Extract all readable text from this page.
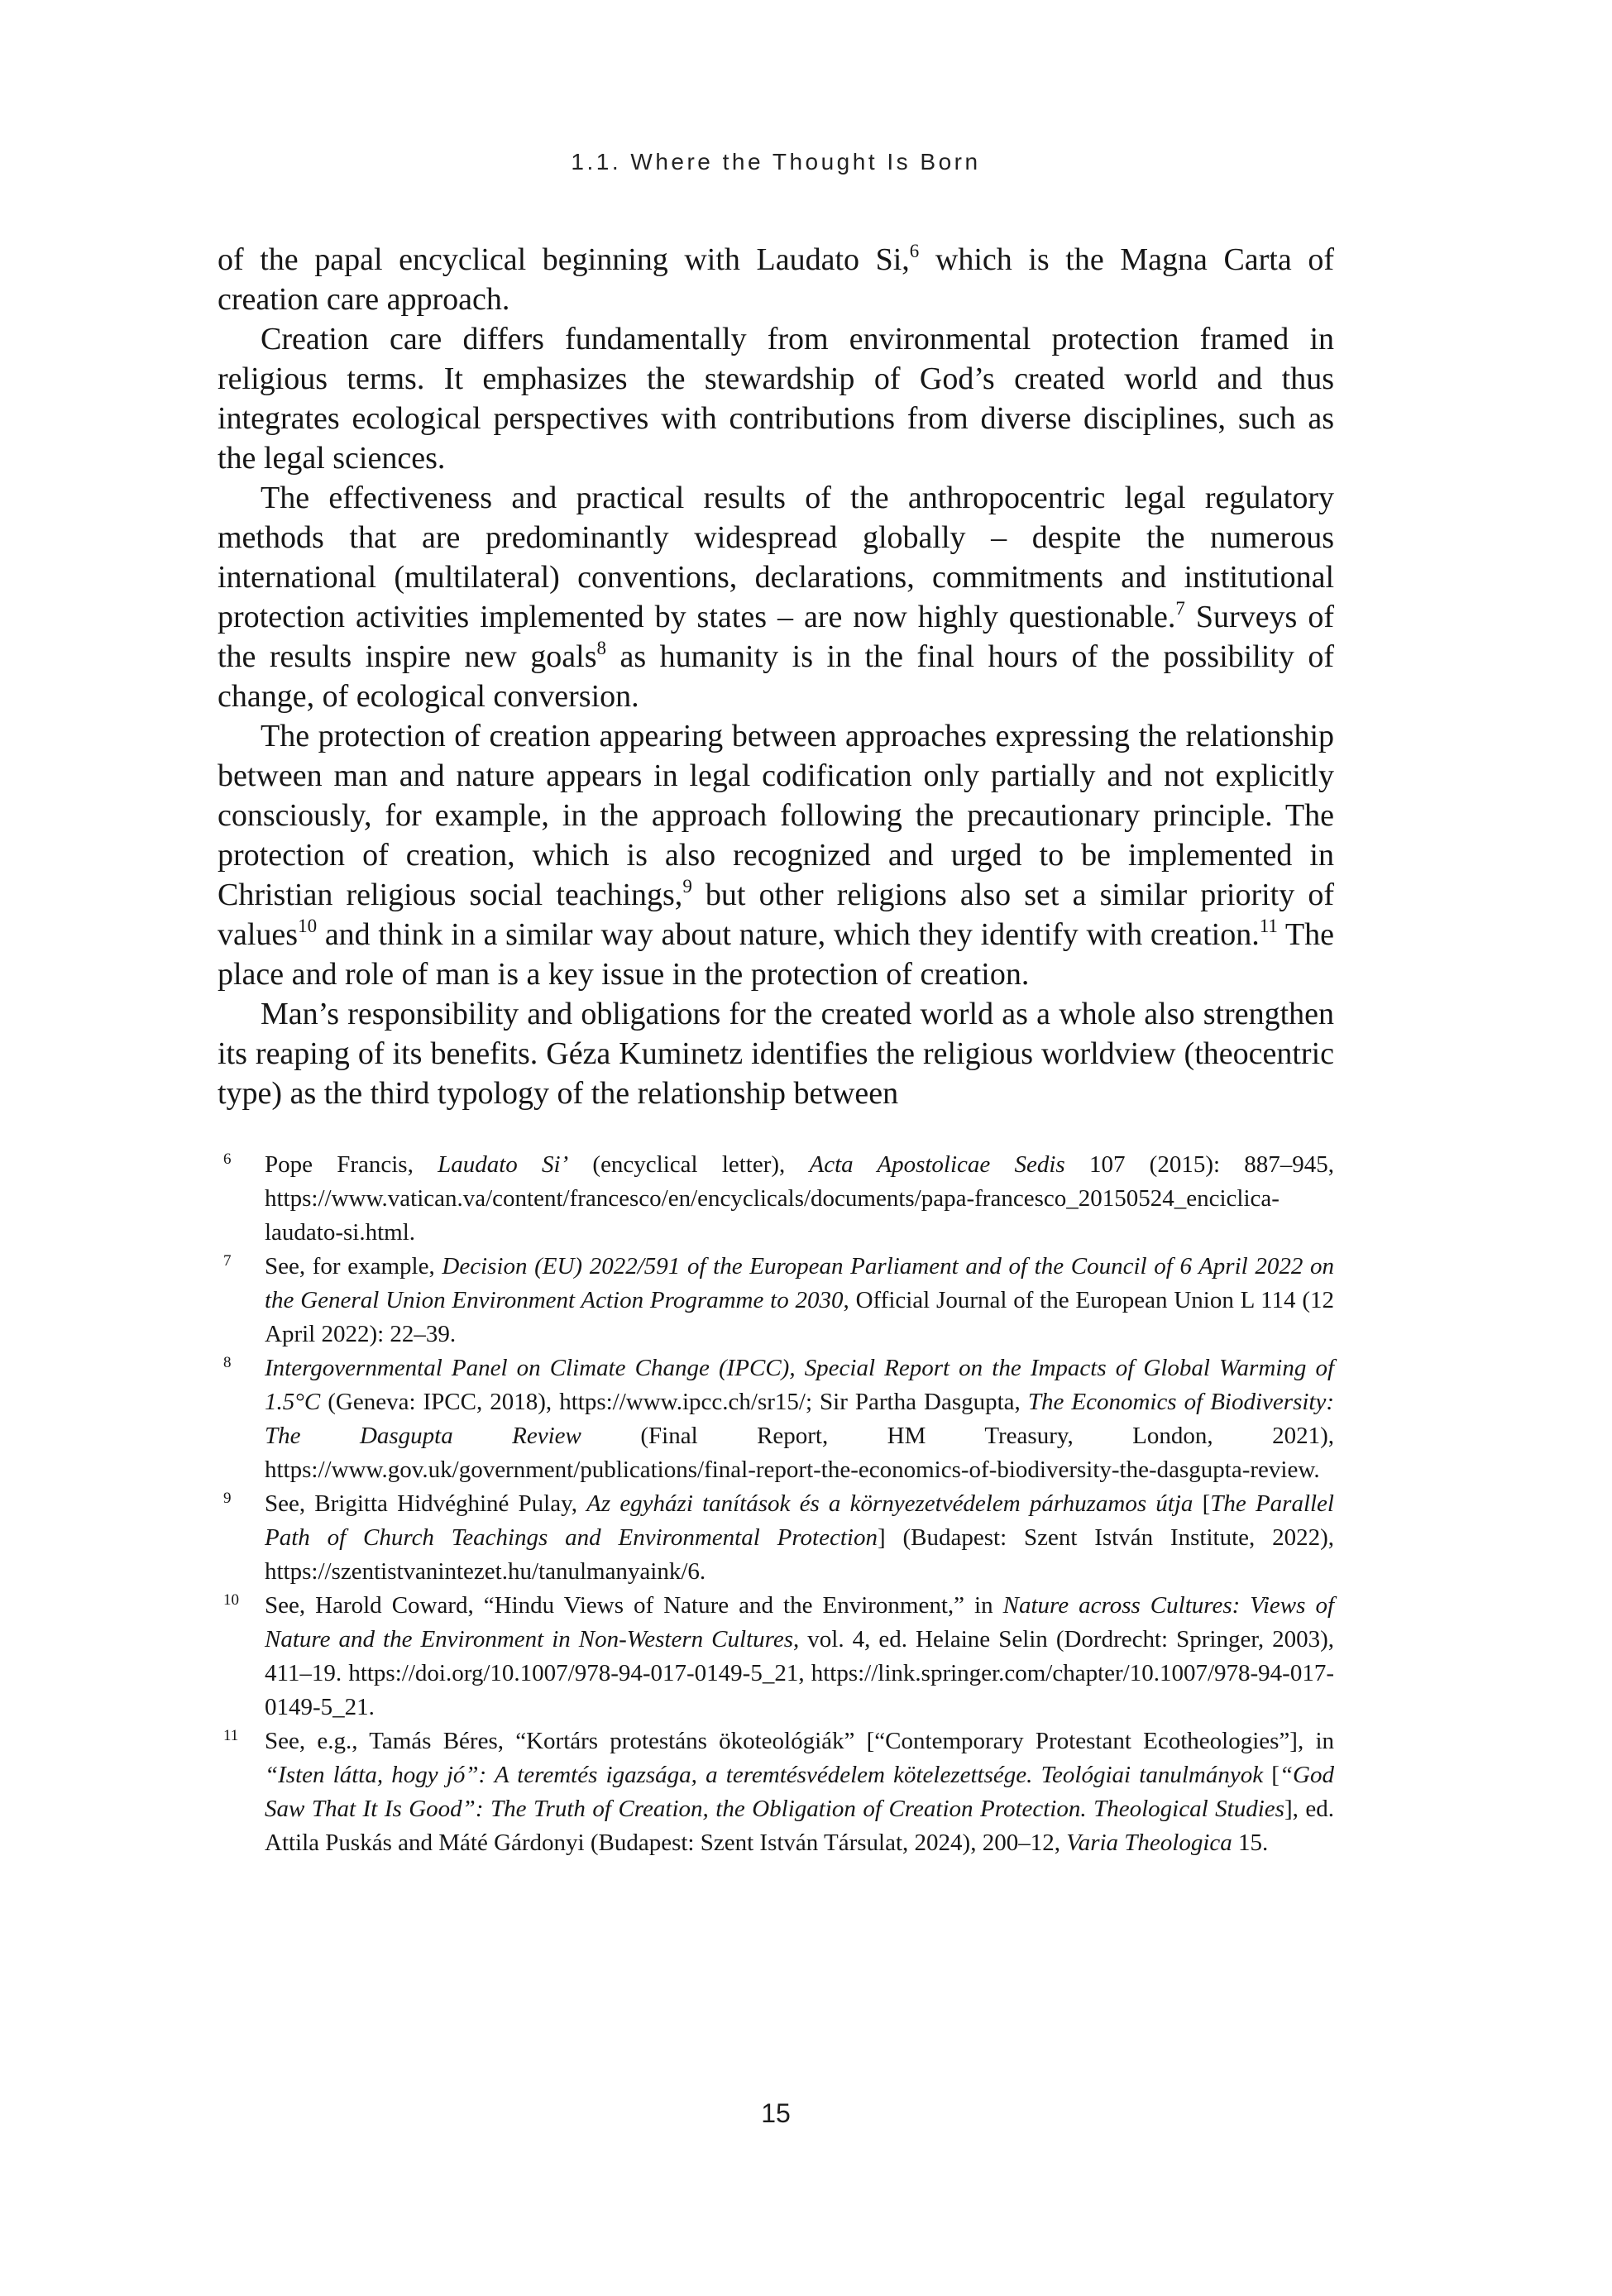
1.1. Where the Thought Is Born

of the papal encyclical beginning with Laudato Si,$^6$ which is the Magna Carta of creation care approach.

Creation care differs fundamentally from environmental protection framed in religious terms. It emphasizes the stewardship of God’s created world and thus integrates ecological perspectives with contributions from diverse disciplines, such as the legal sciences.

The effectiveness and practical results of the anthropocentric legal regulatory methods that are predominantly widespread globally – despite the numerous international (multilateral) conventions, declarations, commitments and institutional protection activities implemented by states – are now highly questionable.$^7$ Surveys of the results inspire new goals$^8$ as humanity is in the final hours of the possibility of change, of ecological conversion.

The protection of creation appearing between approaches expressing the relationship between man and nature appears in legal codification only partially and not explicitly consciously, for example, in the approach following the precautionary principle. The protection of creation, which is also recognized and urged to be implemented in Christian religious social teachings,$^9$ but other religions also set a similar priority of values$^{10}$ and think in a similar way about nature, which they identify with creation.$^{11}$ The place and role of man is a key issue in the protection of creation.

Man’s responsibility and obligations for the created world as a whole also strengthen its reaping of its benefits. Géza Kuminetz identifies the religious worldview (theocentric type) as the third typology of the relationship between

6 Pope Francis, Laudato Si’ (encyclical letter), Acta Apostolicae Sedis 107 (2015): 887–945, https://www.vatican.va/content/francesco/en/encyclicals/documents/papa-francesco_20150524_enciclica-laudato-si.html.
7 See, for example, Decision (EU) 2022/591 of the European Parliament and of the Council of 6 April 2022 on the General Union Environment Action Programme to 2030, Official Journal of the European Union L 114 (12 April 2022): 22–39.
8 Intergovernmental Panel on Climate Change (IPCC), Special Report on the Impacts of Global Warming of 1.5°C (Geneva: IPCC, 2018), https://www.ipcc.ch/sr15/; Sir Partha Dasgupta, The Economics of Biodiversity: The Dasgupta Review (Final Report, HM Treasury, London, 2021), https://www.gov.uk/government/publications/final-report-the-economics-of-biodiversity-the-dasgupta-review.
9 See, Brigitta Hidvéghiné Pulay, Az egyházi tanítások és a környezetvédelem párhuzamos útja [The Parallel Path of Church Teachings and Environmental Protection] (Budapest: Szent István Institute, 2022), https://szentistvanintezet.hu/tanulmanyaink/6.
10 See, Harold Coward, “Hindu Views of Nature and the Environment,” in Nature across Cultures: Views of Nature and the Environment in Non-Western Cultures, vol. 4, ed. Helaine Selin (Dordrecht: Springer, 2003), 411–19. https://doi.org/10.1007/978-94-017-0149-5_21, https://link.springer.com/chapter/10.1007/978-94-017-0149-5_21.
11 See, e.g., Tamás Béres, “Kortárs protestáns ökoteológiák” [“Contemporary Protestant Ecotheologies”], in “Isten látta, hogy jó”: A teremtés igazsága, a teremtésvédelem kötelezettsége. Teológiai tanulmányok [“God Saw That It Is Good”: The Truth of Creation, the Obligation of Creation Protection. Theological Studies], ed. Attila Puskás and Máté Gárdonyi (Budapest: Szent István Társulat, 2024), 200–12, Varia Theologica 15.
15
